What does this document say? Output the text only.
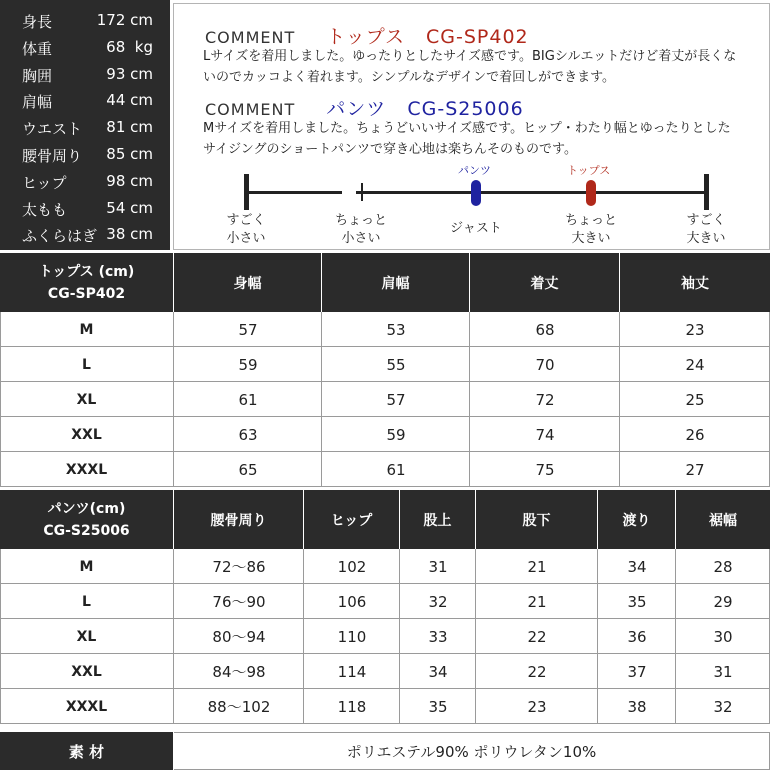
身長	172 cm
体重	68  kg
胸囲	93 cm
肩幅	44 cm
ウエスト 81 cm
腰骨周り 85 cm
ヒップ	98 cm
太もも	54 cm
ふくらはぎ 38 cm
COMMENT トップス CG-SP402
Lサイズを着用しました。ゆったりとしたサイズ感です。BIGシルエットだけど着丈が長くないのでカッコよく着れます。シンプルなデザインで着回しができます。
COMMENT パンツ CG-S25006
Mサイズを着用しました。ちょうどいいサイズ感です。ヒップ・わたり幅とゆったりとしたサイジングのショートパンツで穿き心地は楽ちんそのものです。
すごく
小さい
ちょっと
小さい
ジャスト
ちょっと
大きい
すごく
大きい
パンツ	トップス
トップス (cm)
CG-SP402
身幅	肩幅	着丈	袖丈
M	57	53	68	23
L	59	55	70	24
XL	61	57	72	25
XXL	63	59	74	26
XXXL	65	61	75	27
パンツ(cm)
CG-S25006
腰骨周り	ヒップ	股上	股下	渡り	裾幅
M	72～86	102	31	21	34	28
L	76～90	106	32	21	35	29
XL	80～94	110	33	22	36	30
XXL	84～98	114	34	22	37	31
XXXL	88～102	118	35	23	38	32
素 材	ポリエステル90% ポリウレタン10%
